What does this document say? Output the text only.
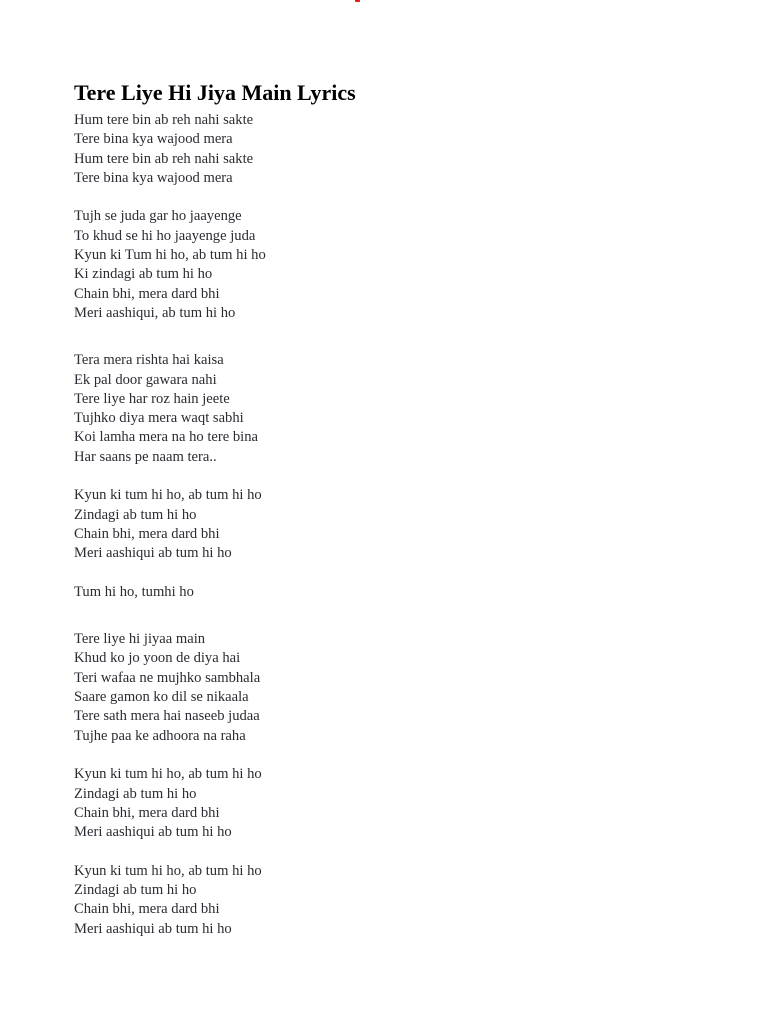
Tere Liye Hi Jiya Main Lyrics
Hum tere bin ab reh nahi sakte
Tere bina kya wajood mera
Hum tere bin ab reh nahi sakte
Tere bina kya wajood mera
Tujh se juda gar ho jaayenge
To khud se hi ho jaayenge juda
Kyun ki Tum hi ho, ab tum hi ho
Ki zindagi ab tum hi ho
Chain bhi, mera dard bhi
Meri aashiqui, ab tum hi ho
Tera mera rishta hai kaisa
Ek pal door gawara nahi
Tere liye har roz hain jeete
Tujhko diya mera waqt sabhi
Koi lamha mera na ho tere bina
Har saans pe naam tera..
Kyun ki tum hi ho, ab tum hi ho
Zindagi ab tum hi ho
Chain bhi, mera dard bhi
Meri aashiqui ab tum hi ho
Tum hi ho, tumhi ho
Tere liye hi jiyaa main
Khud ko jo yoon de diya hai
Teri wafaa ne mujhko sambhala
Saare gamon ko dil se nikaala
Tere sath mera hai naseeb judaa
Tujhe paa ke adhoora na raha
Kyun ki tum hi ho, ab tum hi ho
Zindagi ab tum hi ho
Chain bhi, mera dard bhi
Meri aashiqui ab tum hi ho
Kyun ki tum hi ho, ab tum hi ho
Zindagi ab tum hi ho
Chain bhi, mera dard bhi
Meri aashiqui ab tum hi ho
